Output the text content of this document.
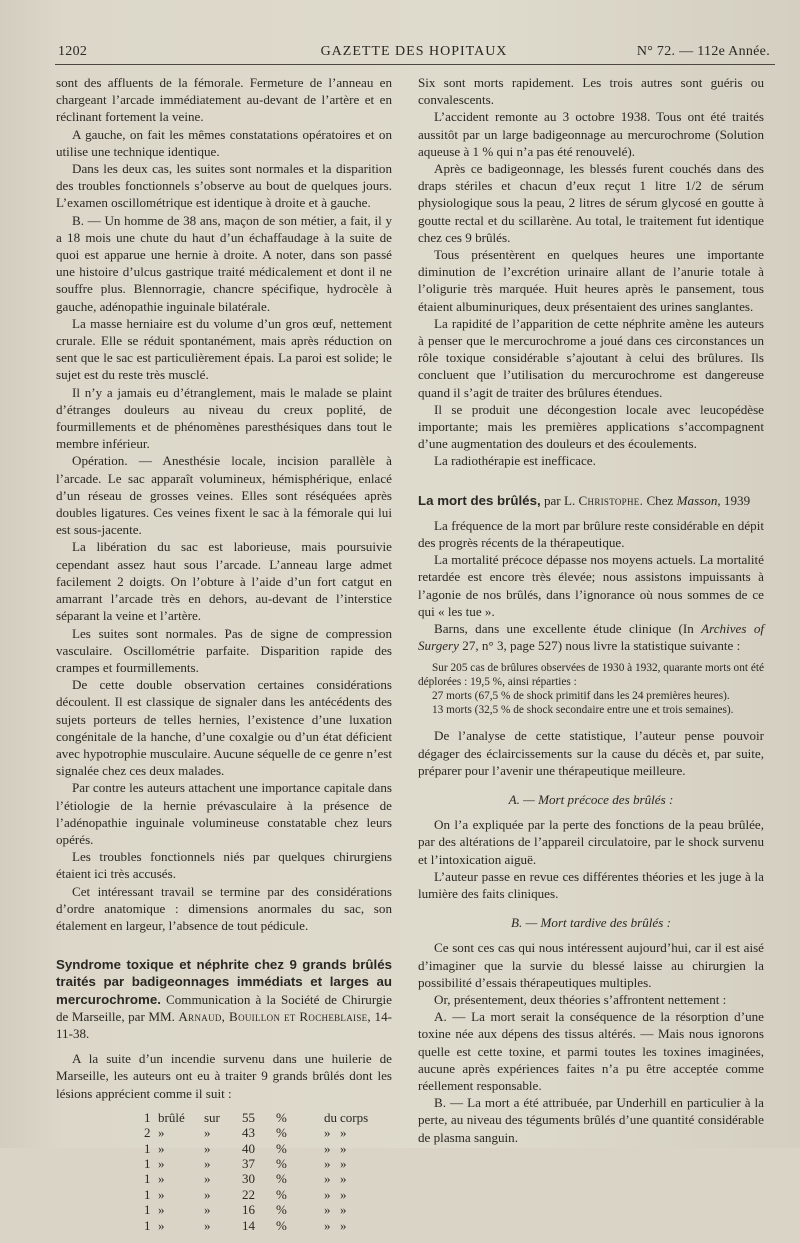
1202	GAZETTE DES HOPITAUX	N° 72. — 112e Année.

sont des affluents de la fémorale. Fermeture de l’anneau en chargeant l’arcade immédiatement au-devant de l’artère et en réclinant fortement la veine.

A gauche, on fait les mêmes constatations opératoires et on utilise une technique identique.

Dans les deux cas, les suites sont normales et la disparition des troubles fonctionnels s’observe au bout de quelques jours. L’examen oscillométrique est identique à droite et à gauche.

B. — Un homme de 38 ans, maçon de son métier, a fait, il y a 18 mois une chute du haut d’un échaffaudage à la suite de quoi est apparue une hernie à droite. A noter, dans son passé une histoire d’ulcus gastrique traité médicalement et dont il ne souffre plus. Blennorragie, chancre spécifique, hydrocèle à gauche, adénopathie inguinale bilatérale.

La masse herniaire est du volume d’un gros œuf, nettement crurale. Elle se réduit spontanément, mais après réduction on sent que le sac est particulièrement épais. La paroi est solide; le sujet est du reste très musclé.

Il n’y a jamais eu d’étranglement, mais le malade se plaint d’étranges douleurs au niveau du creux poplité, de fourmillements et de phénomènes paresthésiques dans tout le membre inférieur.

Opération. — Anesthésie locale, incision parallèle à l’arcade. Le sac apparaît volumineux, hémisphérique, enlacé d’un réseau de grosses veines. Elles sont réséquées après doubles ligatures. Ces veines fixent le sac à la fémorale qui lui est sous-jacente.

La libération du sac est laborieuse, mais poursuivie cependant assez haut sous l’arcade. L’anneau large admet facilement 2 doigts. On l’obture à l’aide d’un fort catgut en amarrant l’arcade très en dehors, au-devant de l’interstice séparant la veine et l’artère.

Les suites sont normales. Pas de signe de compression vasculaire. Oscillométrie parfaite. Disparition rapide des crampes et fourmillements.

De cette double observation certaines considérations découlent. Il est classique de signaler dans les antécédents des sujets porteurs de telles hernies, l’existence d’une luxation congénitale de la hanche, d’une coxalgie ou d’un état déficient avec hypotrophie musculaire. Aucune séquelle de ce genre n’est signalée chez ces deux malades.

Par contre les auteurs attachent une importance capitale dans l’étiologie de la hernie prévasculaire à la présence de l’adénopathie inguinale volumineuse constatable chez leurs opérés.

Les troubles fonctionnels niés par quelques chirurgiens étaient ici très accusés.

Cet intéressant travail se termine par des considérations d’ordre anatomique : dimensions anormales du sac, son étalement en largeur, l’absence de tout pédicule.

Syndrome toxique et néphrite chez 9 grands brûlés traités par badigeonnages immédiats et larges au mercurochrome. Communication à la Société de Chirurgie de Marseille, par MM. Arnaud, Bouillon et Rocheblaise, 14-11-38.

A la suite d’un incendie survenu dans une huilerie de Marseille, les auteurs ont eu à traiter 9 grands brûlés dont les lésions apprécient comme il suit :

1 brûlé	sur	55	%	du corps
2 »	»	43	%	» »
1 »	»	40	%	» »
1 »	»	37	%	» »
1 »	»	30	%	» »
1 »	»	22	%	» »
1 »	»	16	%	» »
1 »	»	14	%	» »

Six sont morts rapidement. Les trois autres sont guéris ou convalescents.

L’accident remonte au 3 octobre 1938. Tous ont été traités aussitôt par un large badigeonnage au mercurochrome (Solution aqueuse à 1 % qui n’a pas été renouvelé).

Après ce badigeonnage, les blessés furent couchés dans des draps stériles et chacun d’eux reçut 1 litre 1/2 de sérum physiologique sous la peau, 2 litres de sérum glycosé en goutte à goutte rectal et du scillarène. Au total, le traitement fut identique chez ces 9 brûlés.

Tous présentèrent en quelques heures une importante diminution de l’excrétion urinaire allant de l’anurie totale à l’oligurie très marquée. Huit heures après le pansement, tous étaient albuminuriques, deux présentaient des urines sanglantes.

La rapidité de l’apparition de cette néphrite amène les auteurs à penser que le mercurochrome a joué dans ces circonstances un rôle toxique considérable s’ajoutant à celui des brûlures. Ils concluent que l’utilisation du mercurochrome est dangereuse quand il s’agit de traiter des brûlures étendues.

Il se produit une décongestion locale avec leucopédèse importante; mais les premières applications s’accompagnent d’une augmentation des douleurs et des écoulements.

La radiothérapie est inefficace.

La mort des brûlés, par L. Christophe. Chez Masson, 1939

La fréquence de la mort par brûlure reste considérable en dépit des progrès récents de la thérapeutique.

La mortalité précoce dépasse nos moyens actuels. La mortalité retardée est encore très élevée; nous assistons impuissants à l’agonie de nos brûlés, dans l’ignorance où nous sommes de ce qui « les tue ».

Barns, dans une excellente étude clinique (In Archives of Surgery 27, n° 3, page 527) nous livre la statistique suivante :

Sur 205 cas de brûlures observées de 1930 à 1932, quarante morts ont été déplorées : 19,5 %, ainsi réparties :

27 morts (67,5 % de shock primitif dans les 24 premières heures).

13 morts (32,5 % de shock secondaire entre une et trois semaines).

De l’analyse de cette statistique, l’auteur pense pouvoir dégager des éclaircissements sur la cause du décès et, par suite, préparer pour l’avenir une thérapeutique meilleure.

A. — Mort précoce des brûlés :

On l’a expliquée par la perte des fonctions de la peau brûlée, par des altérations de l’appareil circulatoire, par le shock survenu et l’intoxication aiguë.

L’auteur passe en revue ces différentes théories et les juge à la lumière des faits cliniques.

B. — Mort tardive des brûlés :

Ce sont ces cas qui nous intéressent aujourd’hui, car il est aisé d’imaginer que la survie du blessé laisse au chirurgien la possibilité d’essais thérapeutiques multiples.

Or, présentement, deux théories s’affrontent nettement :

A. — La mort serait la conséquence de la résorption d’une toxine née aux dépens des tissus altérés. — Mais nous ignorons quelle est cette toxine, et parmi toutes les toxines imaginées, aucune après expériences faites n’a pu être acceptée comme réellement responsable.

B. — La mort a été attribuée, par Underhill en particulier à la perte, au niveau des téguments brûlés d’une quantité considérable de plasma sanguin.
